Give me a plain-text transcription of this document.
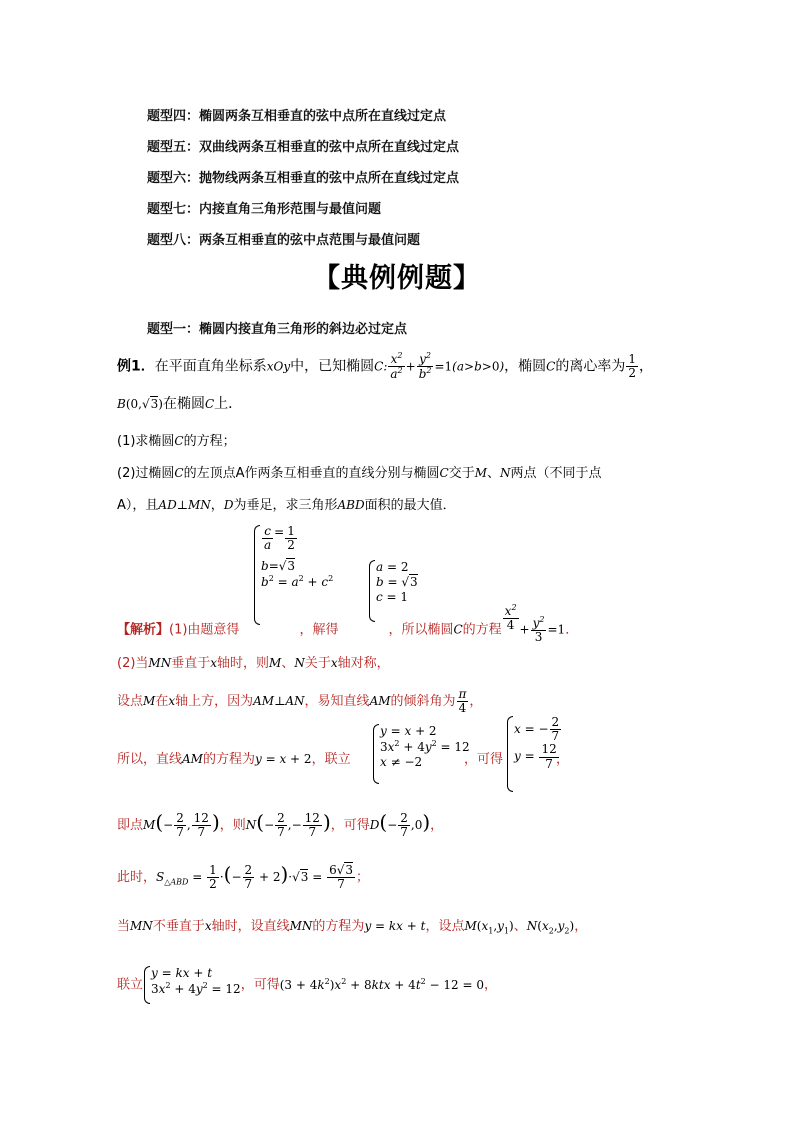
题型四：椭圆两条互相垂直的弦中点所在直线过定点
题型五：双曲线两条互相垂直的弦中点所在直线过定点
题型六：抛物线两条互相垂直的弦中点所在直线过定点
题型七：内接直角三角形范围与最值问题
题型八：两条互相垂直的弦中点范围与最值问题
【典例例题】
题型一：椭圆内接直角三角形的斜边必过定点
例1．在平面直角坐标系xOy中，已知椭圆C: $\frac{x^2}{a^2} + \frac{y^2}{b^2} =1(a>b>0)$，椭圆C的离心率为 $\frac{1}{2}$ ，
B(0,√3)在椭圆C上．
(1)求椭圆C的方程；
(2)过椭圆C的左顶点A作两条互相垂直的直线分别与椭圆C交于M、N两点（不同于点
A），且AD⊥MN，D为垂足，求三角形ABD面积的最大值．
$\frac{c}{a} = \frac{1}{2}$
b=√3
$b^2 = a^2 + c^2$
a = 2
b = √3
c = 1
【解析】(1)由题意得	，解得	，所以椭圆C的方程 $\frac{x^2}{4} + \frac{y^2}{3} =1$．
(2)当MN垂直于x轴时，则M、N关于x轴对称，
设点M在x轴上方，因为AM⊥AN，易知直线AM的倾斜角为 $\frac{\pi}{4}$ ，
所以，直线AM的方程为y = x + 2，联立
y = x + 2
$3x^2 + 4y^2 = 12$
x ≠ −2	，可得
x = − $\frac{2}{7}$
$y = \frac{12}{7}$
，
即点$M(- \frac{2}{7}$ , $\frac{12}{7}$ )，则$N(- \frac{2}{7}$ ,− $\frac{12}{7}$ )，可得$D(- \frac{2}{7} ,0)$，
此时，$S_{\triangle ABD} = \frac{1}{2}$ ·(− $\frac{2}{7} + 2)\cdot√3 = \frac{6√3}{7}$ ；
当MN不垂直于x轴时，设直线MN的方程为y = kx + t，设点$M(x_1,y_1)$、$N(x_2,y_2)$，
联立
y = kx + t
$3x^2 + 4y^2 = 12$ ，可得$(3 + 4k^2)x^2 + 8ktx + 4t^2 - 12 = 0$，
